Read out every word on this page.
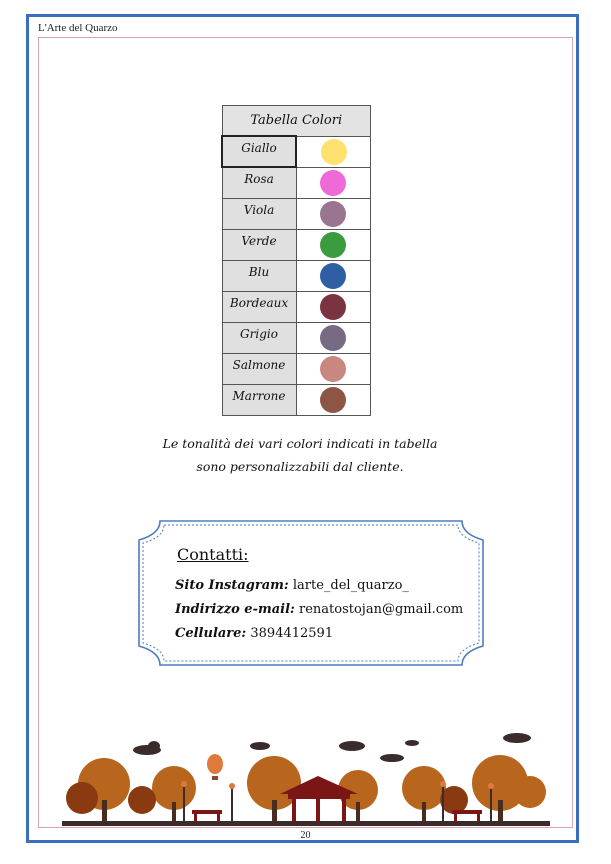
L'Arte del Quarzo
Tabella Colori	
Giallo	
Rosa	
Viola	
Verde	
Blu	
Bordeaux	
Grigio	
Salmone	
Marrone	
Le tonalità dei vari colori indicati in tabella
sono personalizzabili dal cliente.
Contatti:
Sito Instagram: larte_del_quarzo_
Indirizzo e-mail: renatostojan@gmail.com
Cellulare: 3894412591
20
